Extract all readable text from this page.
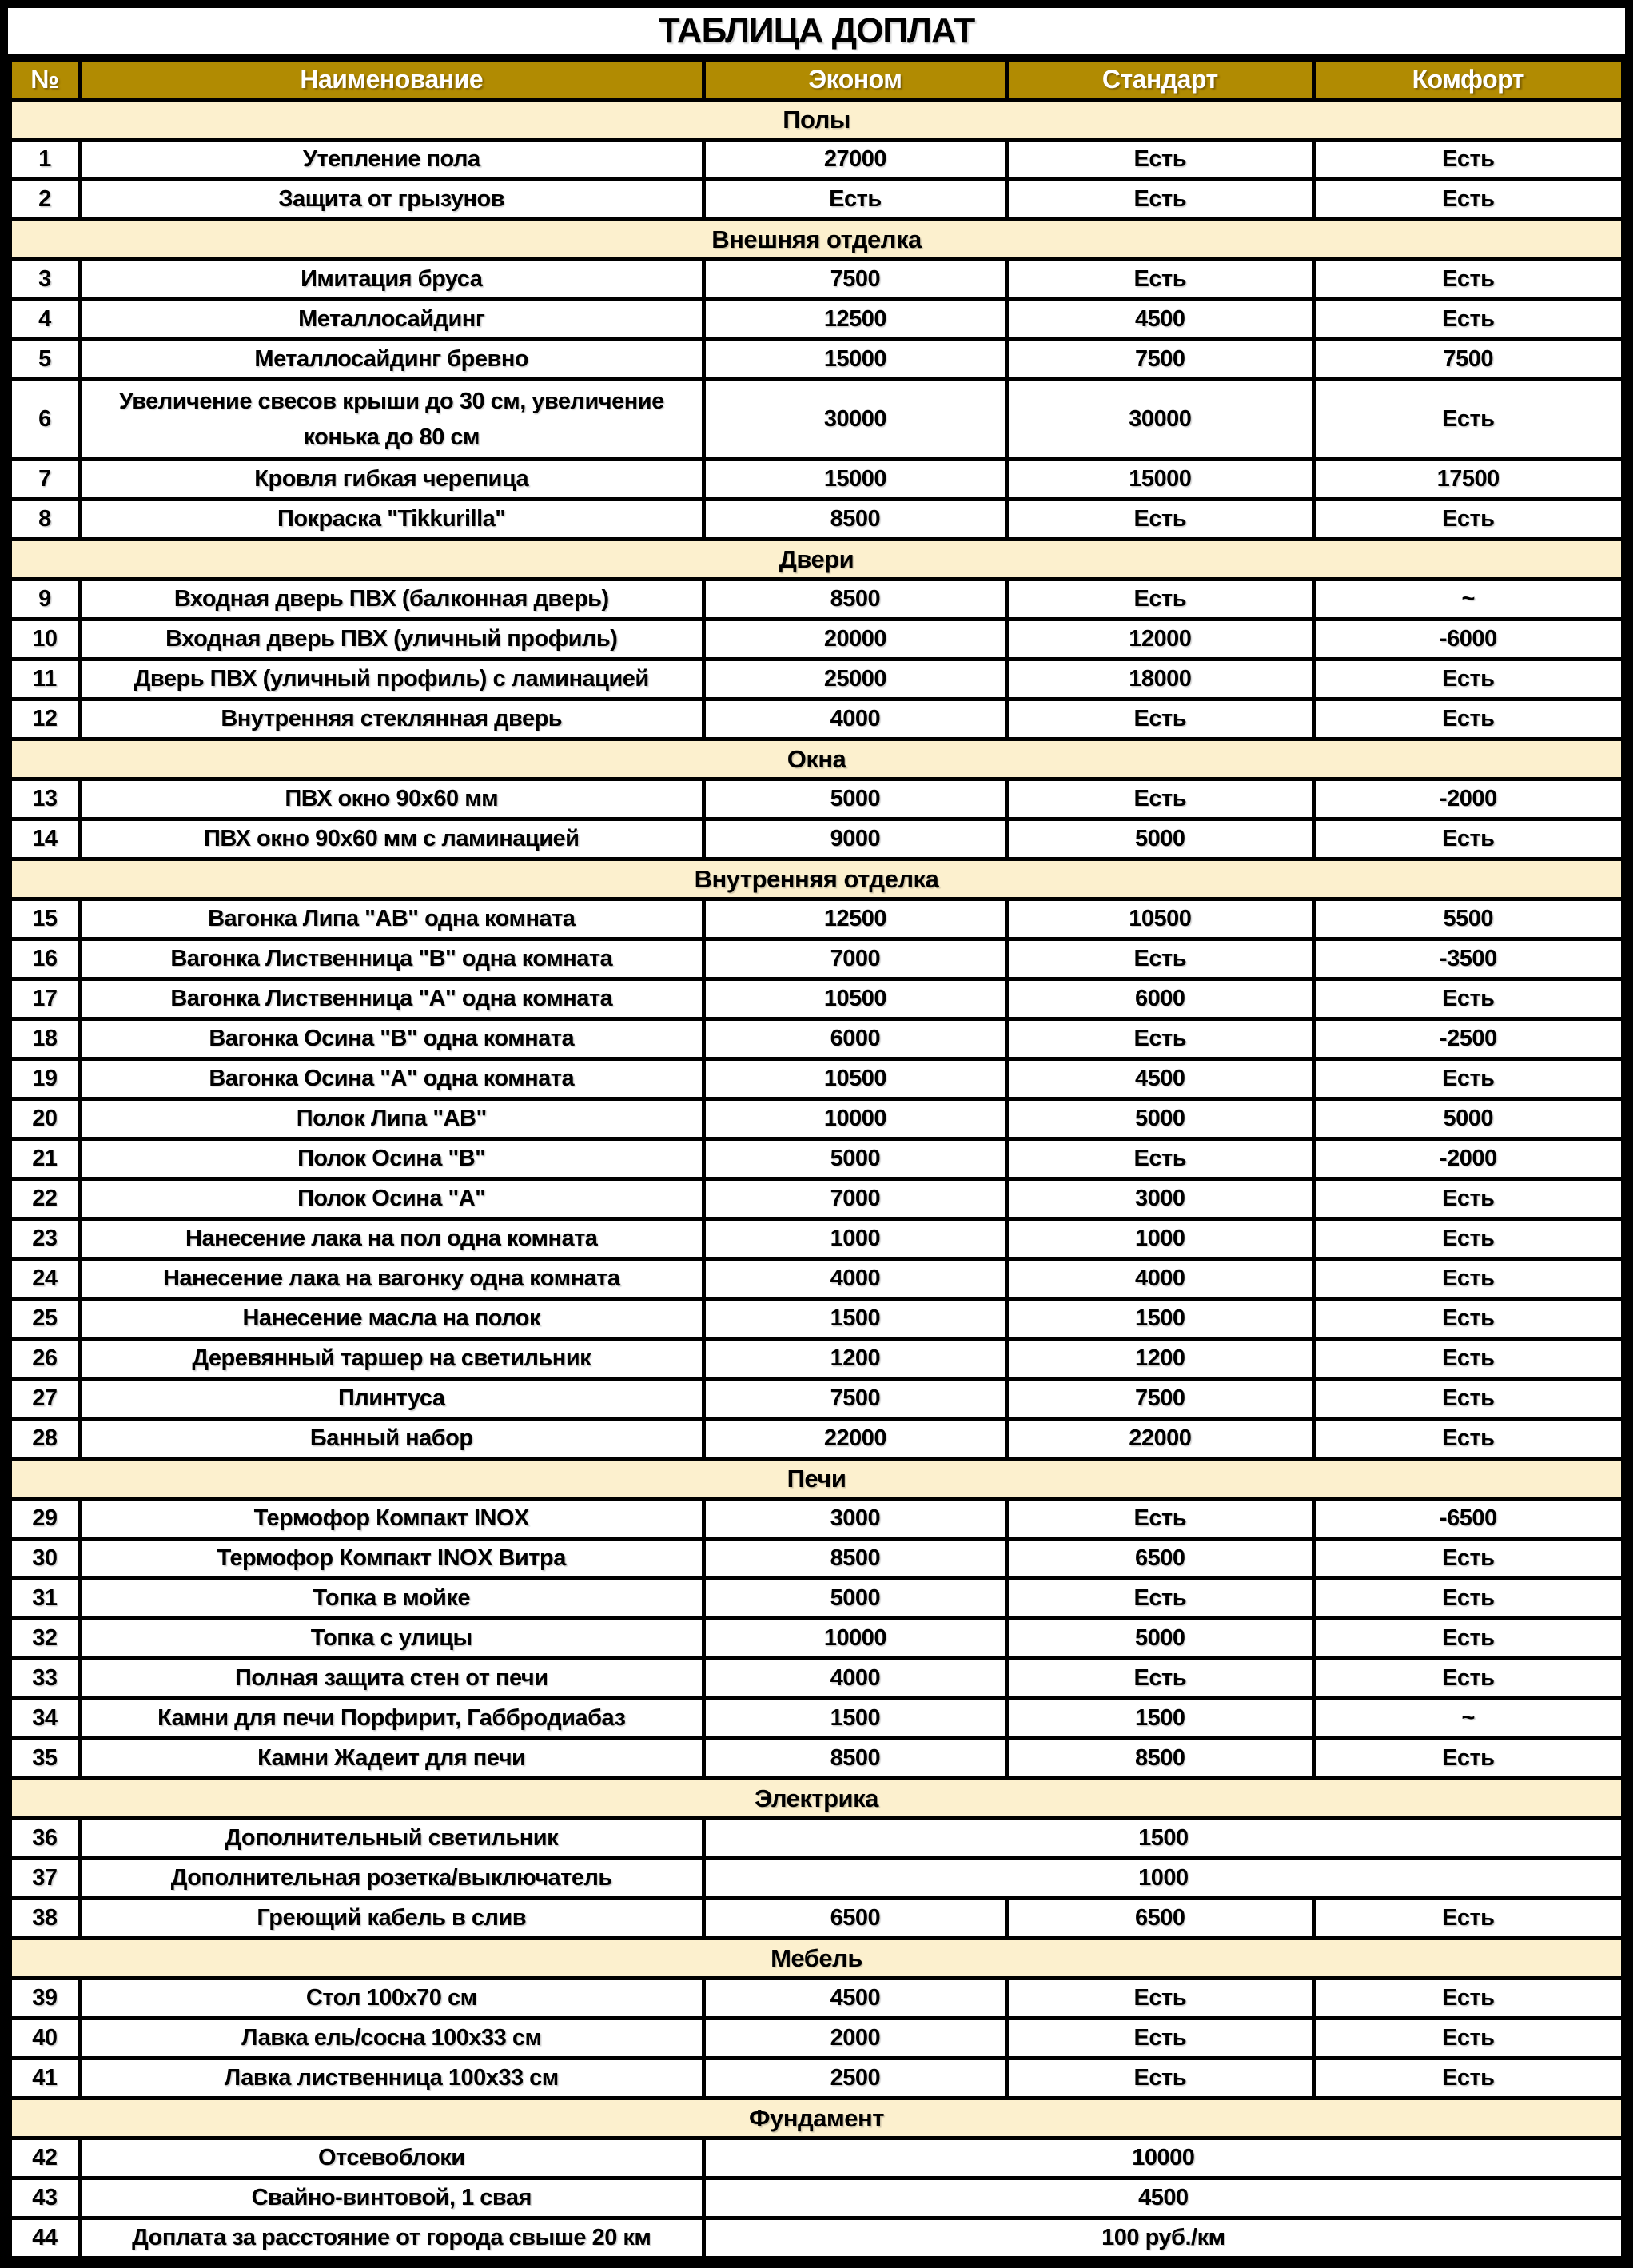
ТАБЛИЦА ДОПЛАТ
№	Наименование	Эконом	Стандарт	Комфорт
Полы				
1	Утепление пола	27000	Есть	Есть
2	Защита от грызунов	Есть	Есть	Есть
Внешняя отделка				
3	Имитация бруса	7500	Есть	Есть
4	Металлосайдинг	12500	4500	Есть
5	Металлосайдинг бревно	15000	7500	7500
6	Увеличение свесов крыши до 30 см, увеличение конька до 80 см	30000	30000	Есть
7	Кровля гибкая черепица	15000	15000	17500
8	Покраска "Tikkurilla"	8500	Есть	Есть
Двери				
9	Входная дверь ПВХ (балконная дверь)	8500	Есть	~
10	Входная дверь ПВХ (уличный профиль)	20000	12000	-6000
11	Дверь ПВХ (уличный профиль) с ламинацией	25000	18000	Есть
12	Внутренняя стеклянная дверь	4000	Есть	Есть
Окна				
13	ПВХ окно 90х60 мм	5000	Есть	-2000
14	ПВХ окно 90х60 мм с ламинацией	9000	5000	Есть
Внутренняя отделка				
15	Вагонка Липа "АВ" одна комната	12500	10500	5500
16	Вагонка Лиственница "В" одна комната	7000	Есть	-3500
17	Вагонка Лиственница "А" одна комната	10500	6000	Есть
18	Вагонка Осина "В" одна комната	6000	Есть	-2500
19	Вагонка Осина "А" одна комната	10500	4500	Есть
20	Полок Липа "АВ"	10000	5000	5000
21	Полок Осина "В"	5000	Есть	-2000
22	Полок Осина "А"	7000	3000	Есть
23	Нанесение лака на пол одна комната	1000	1000	Есть
24	Нанесение лака на вагонку одна комната	4000	4000	Есть
25	Нанесение масла на полок	1500	1500	Есть
26	Деревянный таршер на светильник	1200	1200	Есть
27	Плинтуса	7500	7500	Есть
28	Банный набор	22000	22000	Есть
Печи				
29	Термофор Компакт INOX	3000	Есть	-6500
30	Термофор Компакт INOX Витра	8500	6500	Есть
31	Топка в мойке	5000	Есть	Есть
32	Топка с улицы	10000	5000	Есть
33	Полная защита стен от печи	4000	Есть	Есть
34	Камни для печи Порфирит, Габбродиабаз	1500	1500	~
35	Камни Жадеит для печи	8500	8500	Есть
Электрика				
36	Дополнительный светильник	1500		
37	Дополнительная розетка/выключатель	1000		
38	Греющий кабель в слив	6500	6500	Есть
Мебель				
39	Стол 100х70 см	4500	Есть	Есть
40	Лавка ель/сосна 100х33 см	2000	Есть	Есть
41	Лавка лиственница 100х33 см	2500	Есть	Есть
Фундамент				
42	Отсевоблоки	10000		
43	Свайно-винтовой, 1 свая	4500		
44	Доплата за расстояние от города свыше 20 км	100 руб./км		
